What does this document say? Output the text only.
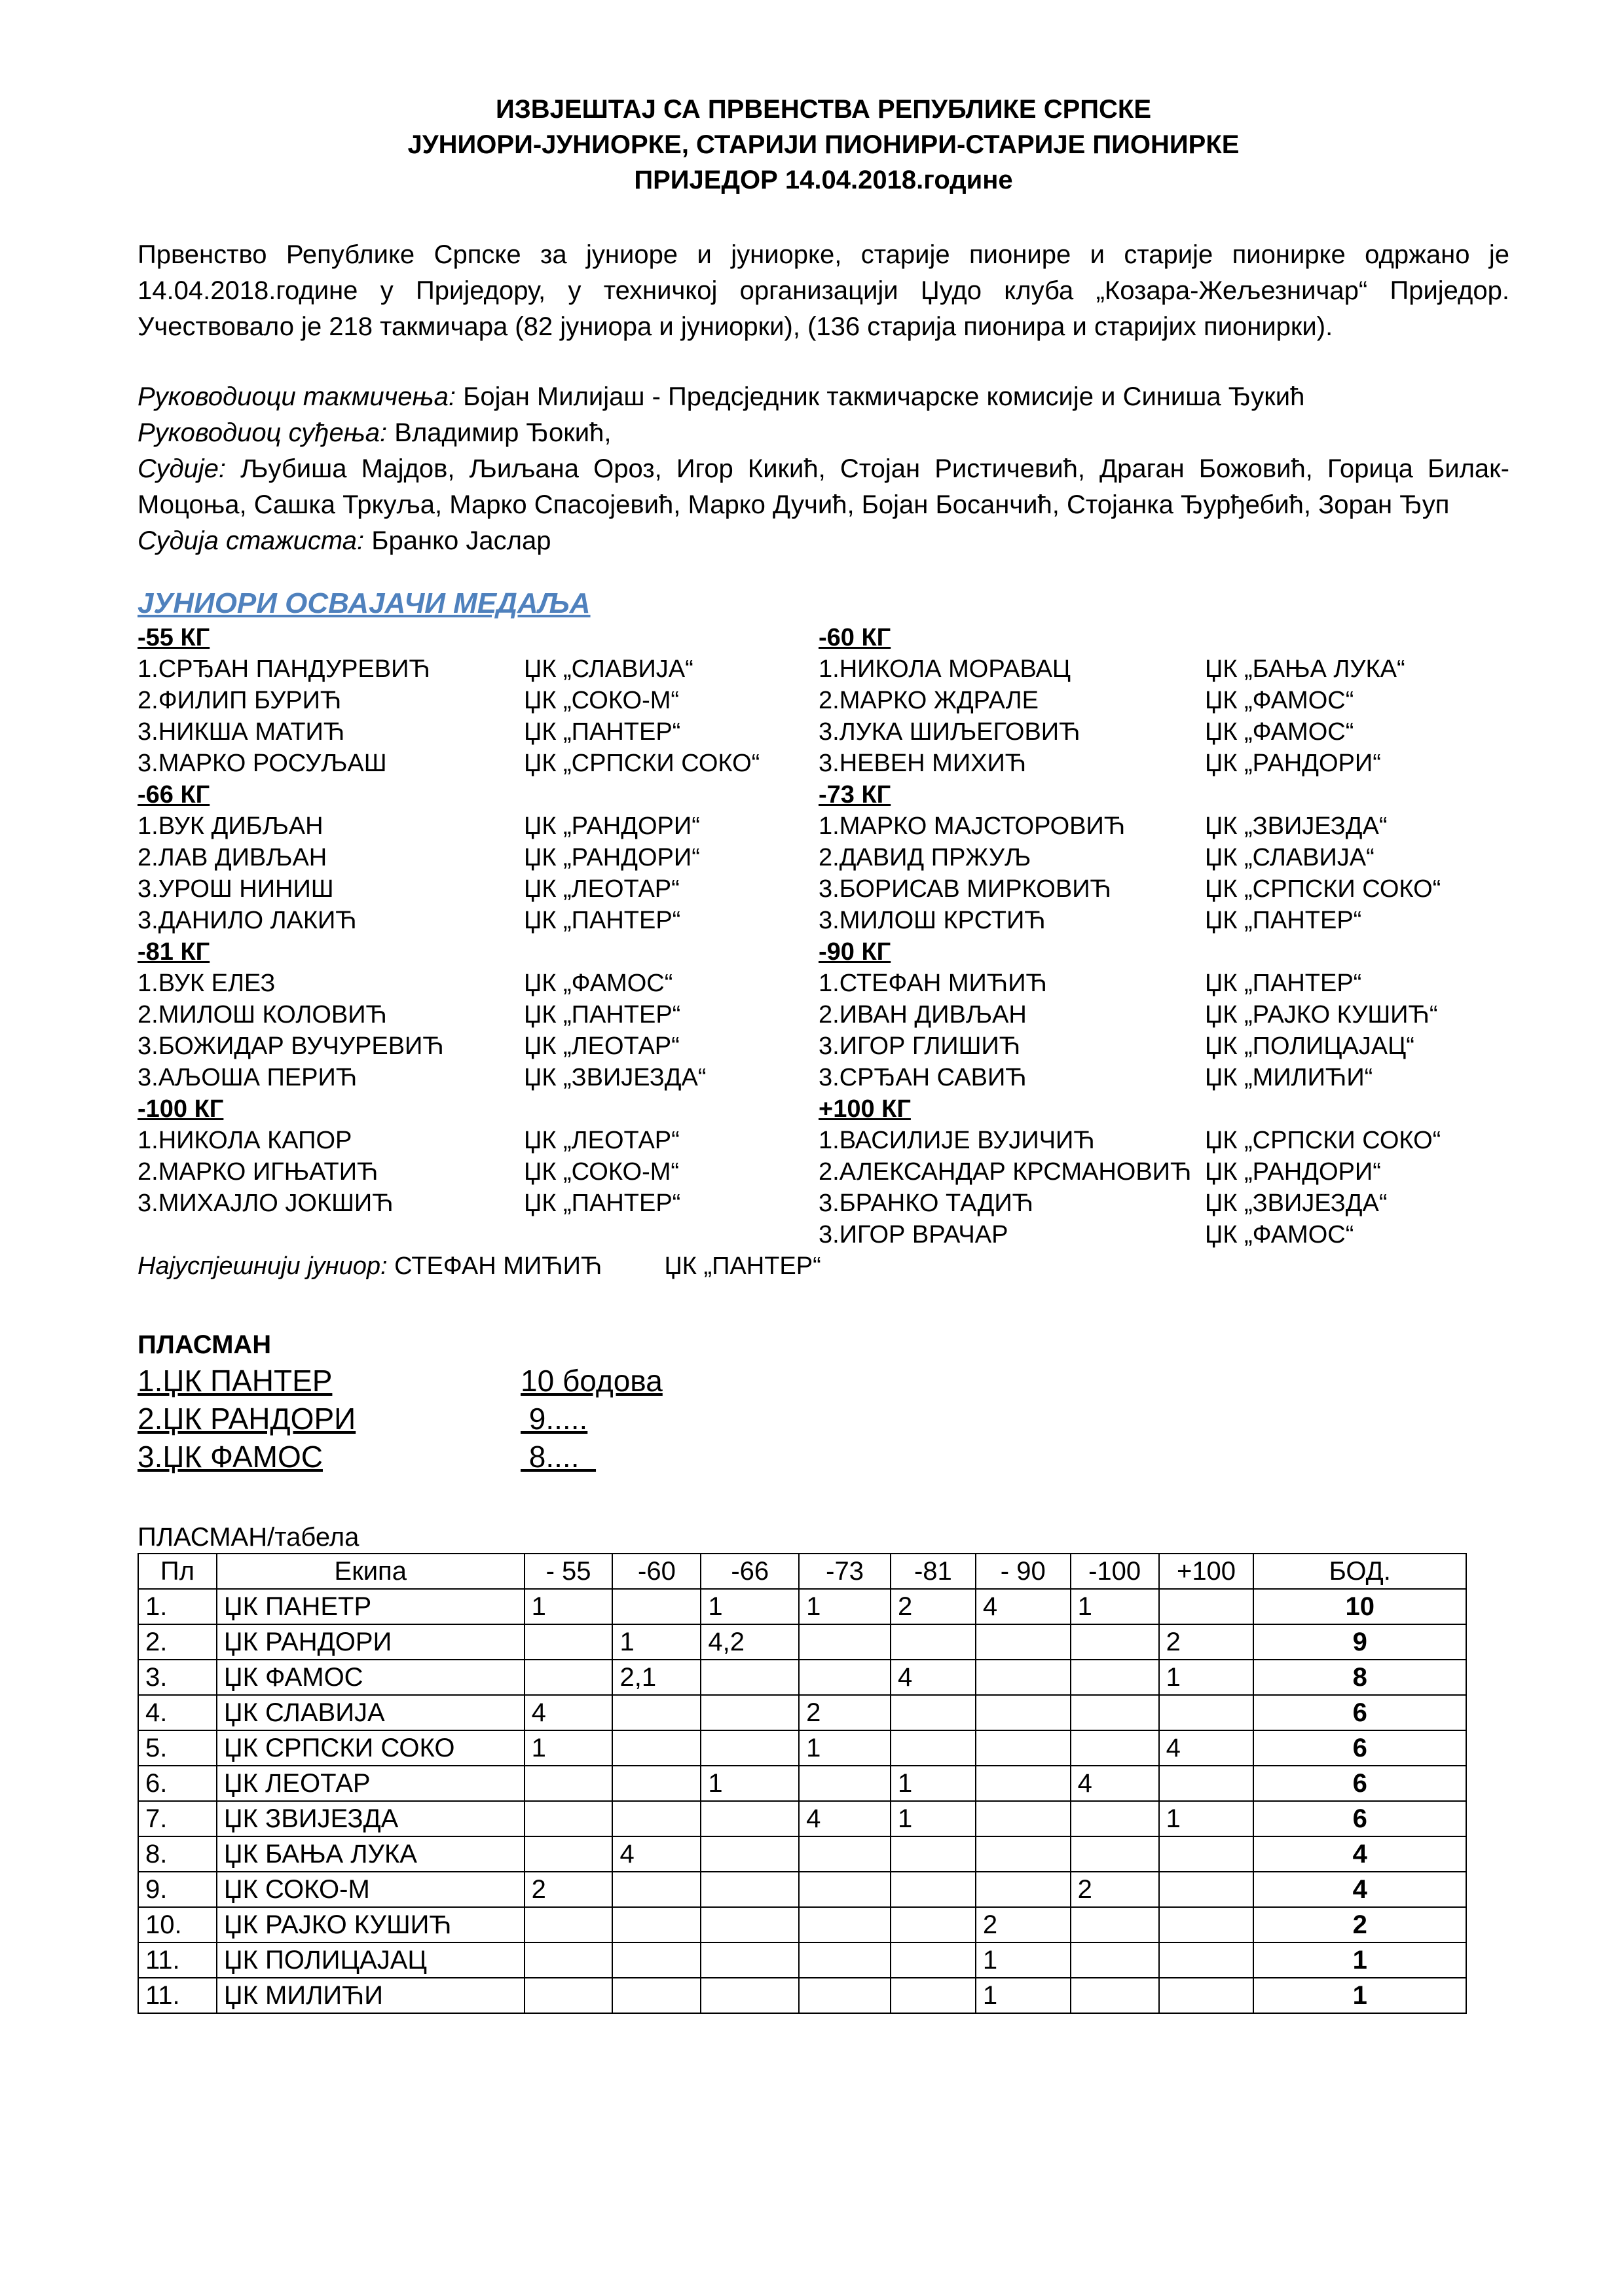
ИЗВЈЕШТАЈ СА ПРВЕНСТВА РЕПУБЛИКЕ СРПСКЕ

ЈУНИОРИ-ЈУНИОРКЕ, СТАРИЈИ ПИОНИРИ-СТАРИЈЕ ПИОНИРКЕ

ПРИЈЕДОР 14.04.2018.године

Првенство Републике Српске за јуниоре и јуниорке, старије пионире и старије пионирке одржано је 14.04.2018.године у Приједору, у техничкој организацији Џудо клуба „Козара-Жељезничар“ Приједор. Учествовало је 218 такмичара (82 јуниора и јуниорки), (136 старија пионира и старијих пионирки).
Руководиоци такмичења: Бојан Милијаш - Предсједник такмичарске комисије и Синиша Ђукић
Руководиоц суђења: Владимир Ђокић,
Судије: Љубиша Мајдов, Љиљана Ороз, Игор Кикић, Стојан Ристичевић, Драган Божовић, Горица Билак-Моцоња, Сашка Тркуља, Марко Спасојевић, Марко Дучић, Бојан Босанчић, Стојанка Ђурђебић, Зоран Ђуп
Судија стажиста: Бранко Јаслар
ЈУНИОРИ ОСВАЈАЧИ МЕДАЉА
-55 КГ
1.СРЂАН ПАНДУРЕВИЋ	ЏК „СЛАВИЈА“
2.ФИЛИП БУРИЋ	ЏК „СОКО-М“
3.НИКША МАТИЋ	ЏК „ПАНТЕР“
3.МАРКО РОСУЉАШ	ЏК „СРПСКИ СОКО“
-66 КГ
1.ВУК ДИБЉАН	ЏК „РАНДОРИ“
2.ЛАВ ДИВЉАН	ЏК „РАНДОРИ“
3.УРОШ НИНИШ	ЏК „ЛЕОТАР“
3.ДАНИЛО ЛАКИЋ	ЏК „ПАНТЕР“
-81 КГ
1.ВУК ЕЛЕЗ	ЏК „ФАМОС“
2.МИЛОШ КОЛОВИЋ	ЏК „ПАНТЕР“
3.БОЖИДАР ВУЧУРЕВИЋ	ЏК „ЛЕОТАР“
3.АЉОША ПЕРИЋ	ЏК „ЗВИЈЕЗДА“
-100 КГ
1.НИКОЛА КАПОР	ЏК „ЛЕОТАР“
2.МАРКО ИГЊАТИЋ	ЏК „СОКО-М“
3.МИХАЈЛО ЈОКШИЋ	ЏК „ПАНТЕР“
-60 КГ
1.НИКОЛА МОРАВАЦ	ЏК „БАЊА ЛУКА“
2.МАРКО ЖДРАЛЕ	ЏК „ФАМОС“
3.ЛУКА ШИЉЕГОВИЋ	ЏК „ФАМОС“
3.НЕВЕН МИХИЋ	ЏК „РАНДОРИ“
-73 КГ
1.МАРКО МАЈСТОРОВИЋ	ЏК „ЗВИЈЕЗДА“
2.ДАВИД ПРЖУЉ	ЏК „СЛАВИЈА“
3.БОРИСАВ МИРКОВИЋ	ЏК „СРПСКИ СОКО“
3.МИЛОШ КРСТИЋ	ЏК „ПАНТЕР“
-90 КГ
1.СТЕФАН МИЋИЋ	ЏК „ПАНТЕР“
2.ИВАН ДИВЉАН	ЏК „РАЈКО КУШИЋ“
3.ИГОР ГЛИШИЋ	ЏК „ПОЛИЦАЈАЦ“
3.СРЂАН САВИЋ	ЏК „МИЛИЋИ“
+100 КГ
1.ВАСИЛИЈЕ ВУЈИЧИЋ	ЏК „СРПСКИ СОКО“
2.АЛЕКСАНДАР КРСМАНОВИЋ ЏК „РАНДОРИ“
3.БРАНКО ТАДИЋ	ЏК „ЗВИЈЕЗДА“
3.ИГОР ВРАЧАР	ЏК „ФАМОС“
Најуспјешнији јуниор: СТЕФАН МИЋИЋ	ЏК „ПАНТЕР“
ПЛАСМАН
1.ЏК ПАНТЕР	10 бодова
2.ЏК РАНДОРИ	9.....
3.ЏК ФАМОС	8....
ПЛАСМАН/табела
Пл	Екипа	- 55	-60	-66	-73	-81	- 90	-100	+100	БОД.
1.	ЏК ПАНЕТР	1		1	1	2	4	1		10
2.	ЏК РАНДОРИ		1	4,2					2	9
3.	ЏК ФАМОС		2,1			4			1	8
4.	ЏК СЛАВИЈА	4			2					6
5.	ЏК СРПСКИ СОКО	1			1				4	6
6.	ЏК ЛЕОТАР			1		1		4		6
7.	ЏК ЗВИЈЕЗДА				4	1			1	6
8.	ЏК БАЊА ЛУКА		4							4
9.	ЏК СОКО-М	2						2		4
10.	ЏК РАЈКО КУШИЋ						2			2
11.	ЏК ПОЛИЦАЈАЦ						1			1
11.	ЏК МИЛИЋИ						1			1
